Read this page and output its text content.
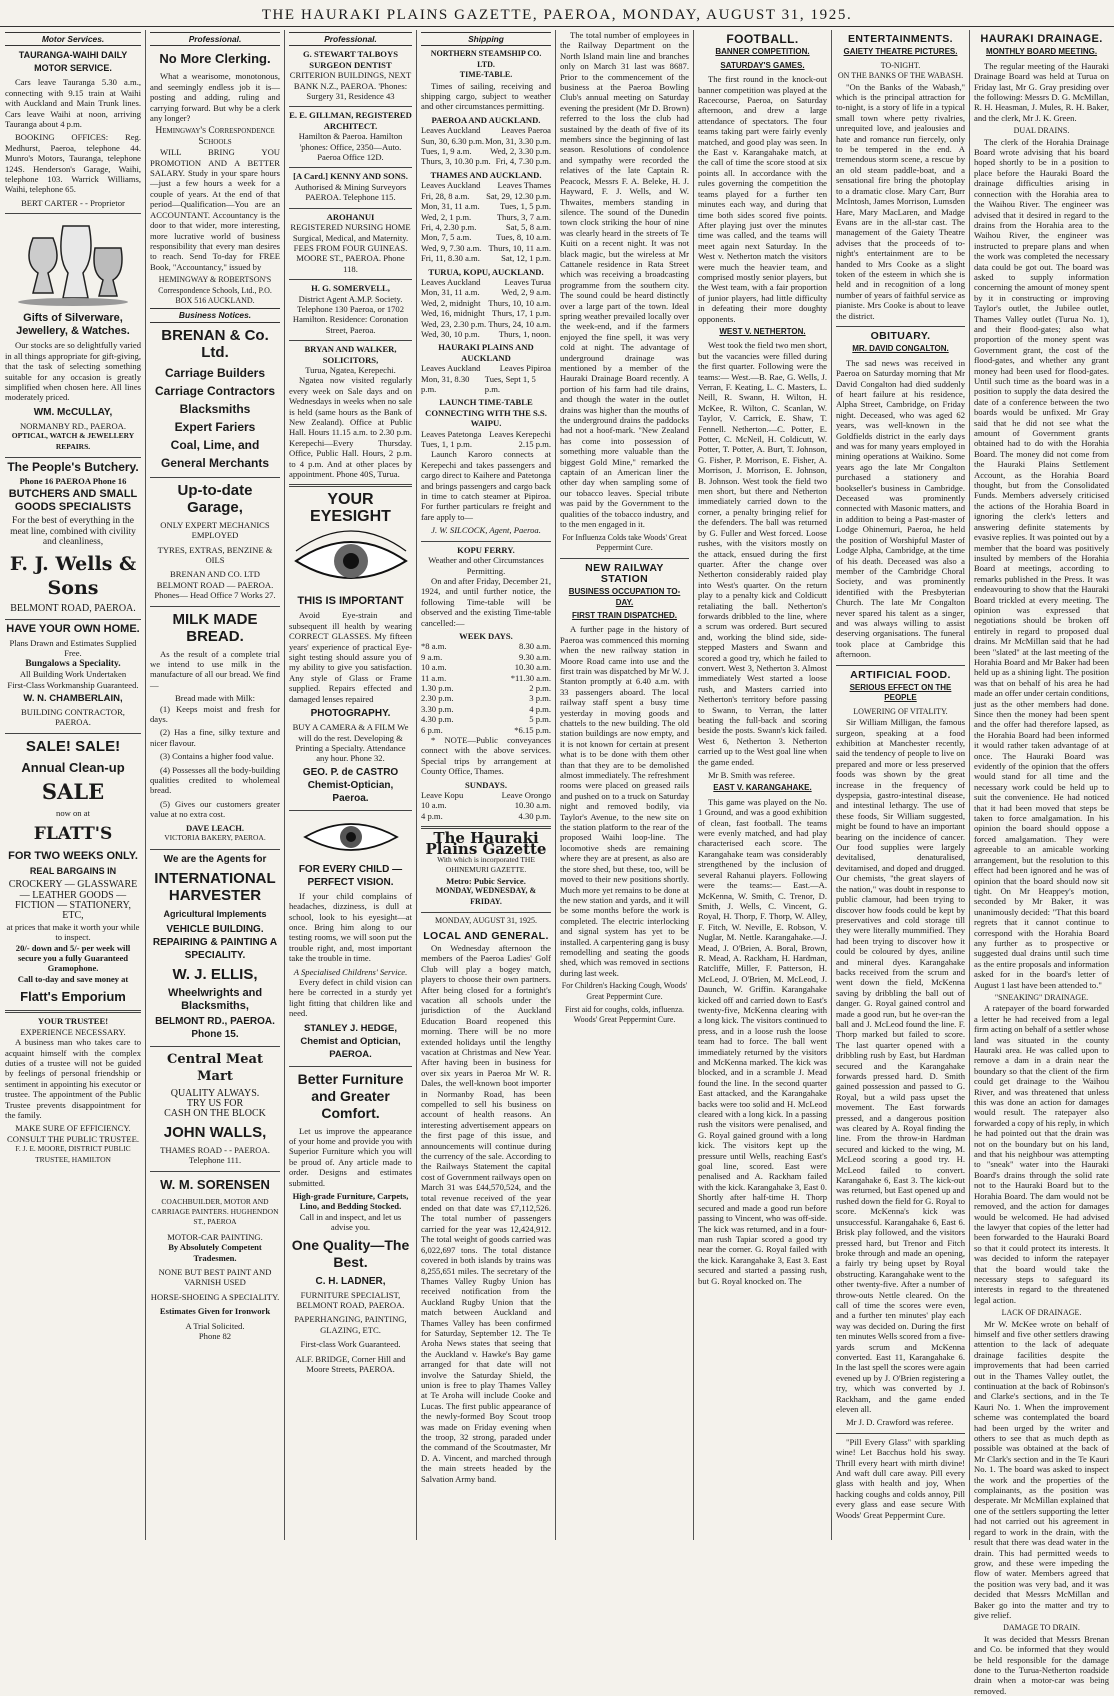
THE HAURAKI PLAINS GAZETTE, PAEROA, MONDAY, AUGUST 31, 1925.
Motor Services.
TAURANGA-WAIHI DAILY MOTOR SERVICE.

Cars leave Tauranga 5.30 a.m., connecting with 9.15 train at Waihi with Auckland and Main Trunk lines. Cars leave Waihi at noon, arriving Tauranga about 4 p.m.

BOOKING OFFICES: Reg. Medhurst, Paeroa, telephone 44. Munro's Motors, Tauranga, telephone 124S. Henderson's Garage, Waihi, telephone 103. Warrick Williams, Waihi, telephone 65.

BERT CARTER - - Proprietor
Gifts of Silverware, Jewellery, & Watches.

Our stocks are so delightfully varied in all things appropriate for gift-giving, that the task of selecting something suitable for any occasion is greatly simplified when chosen here. All lines moderately priced.

WM. McCULLAY,
NORMANBY RD., PAEROA.
OPTICAL, WATCH & JEWELLERY REPAIRS.
The People's Butchery.
Phone 16 PAEROA Phone 16
BUTCHERS AND SMALL GOODS SPECIALISTS

For the best of everything in the meat line, combined with civility and cleanliness,

F. J. Wells & Sons
BELMONT ROAD, PAEROA.
HAVE YOUR OWN HOME.
Plans Drawn and Estimates Supplied Free.
Bungalows a Speciality.
All Building Work Undertaken
First-Class Workmanship Guaranteed.
W. N. CHAMBERLAIN,
BUILDING CONTRACTOR, PAEROA.
SALE! SALE!
Annual Clean-up
SALE
now on at
FLATT'S
FOR TWO WEEKS ONLY.
REAL BARGAINS IN
CROCKERY — GLASSWARE — LEATHER GOODS — FICTION — STATIONERY, ETC,
at prices that make it worth your while to inspect.
20/- down and 5/- per week will secure you a fully Guaranteed Gramophone.
Call to-day and save money at
Flatt's Emporium
YOUR TRUSTEE!
EXPERIENCE NECESSARY.

A business man who takes care to acquaint himself with the complex duties of a trustee will not be guided by feelings of personal friendship or sentiment in appointing his executor or trustee. The appointment of the Public Trustee prevents disappointment for the family.

MAKE SURE OF EFFICIENCY.
CONSULT THE PUBLIC TRUSTEE.
F. J. E. MOORE, DISTRICT PUBLIC TRUSTEE, HAMILTON
Professional.
No More Clerking.

What a wearisome, monotonous, and seemingly endless job it is—posting and adding, ruling and carrying forward. But why be a clerk any longer?

Hemingway's Correspondence Schools

WILL BRING YOU PROMOTION AND A BETTER SALARY. Study in your spare hours—just a few hours a week for a couple of years. At the end of that period—Qualification—You are an ACCOUNTANT. Accountancy is the door to that wider, more interesting, more lucrative world of business responsibility that every man desires to reach. Send To-day for FREE Book, "Accountancy," issued by

HEMINGWAY & ROBERTSON'S Correspondence Schools, Ltd., P.O. BOX 516 AUCKLAND.
Business Notices.
BRENAN & Co. Ltd.
Carriage Builders
Carriage Contractors
Blacksmiths
Expert Fariers
Coal, Lime, and
General Merchants
Up-to-date Garage,
ONLY EXPERT MECHANICS EMPLOYED
TYRES, EXTRAS, BENZINE & OILS
BRENAN AND CO. LTD
BELMONT ROAD — PAEROA.
Phones— Head Office 7 Works 27.
MILK MADE BREAD.

As the result of a complete trial we intend to use milk in the manufacture of all our bread. We find—

Bread made with Milk:
(1) Keeps moist and fresh for days.
(2) Has a fine, silky texture and nicer flavour.
(3) Contains a higher food value.
(4) Possesses all the body-building qualities credited to wholemeal bread.
(5) Gives our customers greater value at no extra cost.
DAVE LEACH.
VICTORIA BAKERY, PAEROA.
We are the Agents for
INTERNATIONAL HARVESTER
Agricultural Implements
VEHICLE BUILDING. REPAIRING & PAINTING A SPECIALITY.
W. J. ELLIS,
Wheelwrights and Blacksmiths,
BELMONT RD., PAEROA. Phone 15.
Central Meat Mart
QUALITY ALWAYS.
TRY US FOR
CASH ON THE BLOCK
JOHN WALLS,
THAMES ROAD - - PAEROA. Telephone 111.
W. M. SORENSEN
COACHBUILDER, MOTOR AND CARRIAGE PAINTERS. HUGHENDON ST., PAEROA
MOTOR-CAR PAINTING.
By Absolutely Competent Tradesmen.
NONE BUT BEST PAINT AND VARNISH USED
HORSE-SHOEING A SPECIALITY.
Estimates Given for Ironwork
A Trial Solicited.
Phone 82
Professional.
G. STEWART TALBOYS SURGEON DENTIST
CRITERION BUILDINGS, NEXT BANK N.Z., PAEROA. 'Phones: Surgery 31, Residence 43
E. E. GILLMAN, REGISTERED ARCHITECT.
Hamilton & Paeroa. Hamilton 'phones: Office, 2350—Auto. Paeroa Office 12D.
[A Card.] KENNY AND SONS.
Authorised & Mining Surveyors PAEROA. Telephone 115.
AROHANUI
REGISTERED NURSING HOME Surgical, Medical, and Maternity. FEES FROM FOUR GUINEAS. MOORE ST., PAEROA. Phone 118.
H. G. SOMERVELL,
District Agent A.M.P. Society. Telephone 130 Paeroa, or 1702 Hamilton. Residence: Coronation Street, Paeroa.
BRYAN AND WALKER, SOLICITORS,
Turua, Ngatea, Kerepechi.

Ngatea now visited regularly every week on Sale days and on Wednesdays in weeks when no sale is held (same hours as the Bank of New Zealand). Office at Public Hall. Hours 11.15 a.m. to 2.30 p.m. Kerepechi—Every Thursday. Office, Public Hall. Hours, 2 p.m. to 4 p.m. And at other places by appointment. Phone 40S, Turua.

YOUR EYESIGHT
THIS IS IMPORTANT

Avoid Eye-strain and subsequent ill health by wearing CORRECT GLASSES. My fifteen years' experience of practical Eye-sight testing should assure you of my ability to give you satisfaction. Any style of Glass or Frame supplied. Repairs effected and damaged lenses repaired

PHOTOGRAPHY.
BUY A CAMERA & A FILM We will do the rest. Developing & Printing a Specialty. Attendance any hour. Phone 32.
GEO. P. de CASTRO Chemist-Optician, Paeroa.
FOR EVERY CHILD —PERFECT VISION.

If your child complains of headaches, dizziness, is dull at school, look to his eyesight—at once. Bring him along to our testing rooms, we will soon put the trouble right, and, most important take the trouble in time.

A Specialised Childrens' Service.

Every defect in child vision can here be corrected in a sturdy yet light fitting that children like and need.

STANLEY J. HEDGE, Chemist and Optician, PAEROA.
Better Furniture and Greater Comfort.

Let us improve the appearance of your home and provide you with Superior Furniture which you will be proud of. Any article made to order. Designs and estimates submitted.

High-grade Furniture, Carpets, Lino, and Bedding Stocked.
Call in and inspect, and let us advise you.
One Quality—The Best.
C. H. LADNER,
FURNITURE SPECIALIST, BELMONT ROAD, PAEROA.
PAPERHANGING, PAINTING, GLAZING, ETC.
First-class Work Guaranteed.
ALF. BRIDGE, Corner Hill and Moore Streets, PAEROA.
Shipping
NORTHERN STEAMSHIP CO. LTD.
TIME-TABLE.

Times of sailing, receiving and shipping cargo, subject to weather and other circumstances permitting.

PAEROA AND AUCKLAND.
Leaves Auckland Leaves Paeroa
Sun, 30, 6.30 p.m. Mon, 31, 3.30 p.m.
Tues, 1, 9 a.m. Wed, 2, 3.30 p.m.
Thurs, 3, 10.30 p.m. Fri, 4, 7.30 p.m.
THAMES AND AUCKLAND.
Leaves Auckland Leaves Thames
Fri, 28, 8 a.m. Sat, 29, 12.30 p.m.
Mon, 31, 11 a.m. Tues, 1, 5 p.m.
Wed, 2, 1 p.m.	Thurs, 3, 7 a.m.
Fri, 4, 2.30 p.m.	Sat, 5, 8 a.m.
Mon, 7, 5 a.m.	Tues, 8, 10 a.m.
Wed, 9, 7.30 a.m. Thurs, 10, 11 a.m.
Fri, 11, 8.30 a.m. Sat, 12, 1 p.m.
TURUA, KOPU, AUCKLAND.
Leaves Auckland	Leaves Turua
Mon, 31, 11 a.m.	Wed, 2, 9 a.m.
Wed, 2, midnight Thurs, 10, 10 a.m.
Wed, 16, midnight Thurs, 17, 1 p.m.
Wed, 23, 2.30 p.m. Thurs, 24, 10 a.m.
Wed, 30, 10 p.m. Thurs, 1, noon.
HAURAKI PLAINS AND AUCKLAND
Leaves Auckland Leaves Pipiroa
Mon, 31, 8.30 p.m.
Tues, Sept 1, 5 p.m.
LAUNCH TIME-TABLE CONNECTING WITH THE S.S. WAIPU.
Leaves Patetonga Leaves Kerepechi
Tues, 1, 1 p.m.	2.15 p.m.

Launch Karoro connects at Kerepechi and takes passengers and cargo direct to Kaihere and Patetonga and brings passengers and cargo back in time to catch steamer at Pipiroa. For further particulars re freight and fare apply to—

J. W. SILCOCK, Agent, Paeroa.
KOPU FERRY.
Weather and other Circumstances Permitting.

On and after Friday, December 21, 1924, and until further notice, the following Time-table will be observed and the existing Time-table cancelled:—

WEEK DAYS.
*8 a.m.	8.30 a.m.
9 a.m.	9.30 a.m.
10 a.m.	10.30 a.m.
11 a.m.	*11.30 a.m.
1.30 p.m.	2 p.m.
2.30 p.m.	3 p.m.
3.30 p.m.	4 p.m.
4.30 p.m.	5 p.m.
6 p.m.	*6.15 p.m.

* NOTE—Public conveyances connect with the above services. Special trips by arrangement at County Office, Thames.

SUNDAYS.
Leave Kopu	Leave Orongo
10 a.m.	10.30 a.m.
4 p.m.	4.30 p.m.
The Hauraki Plains Gazette
With which is incorporated THE OHINEMURI GAZETTE.
Metro: Pubic Service.
MONDAY, WEDNESDAY, & FRIDAY.
MONDAY, AUGUST 31, 1925.
LOCAL AND GENERAL.

On Wednesday afternoon the members of the Paeroa Ladies' Golf Club will play a bogey match, players to choose their own partners. After being closed for a fortnight's vacation all schools under the jurisdiction of the Auckland Education Board reopened this morning. There will be no more extended holidays until the lengthy vacation at Christmas and New Year. After having been in business for over six years in Paeroa Mr W. R. Dales, the well-known boot importer in Normanby Road, has been compelled to sell his business on account of health reasons. An interesting advertisement appears on the first page of this issue, and announcements will continue during the currency of the sale. According to the Railways Statement the capital cost of Government railways open on March 31 was £44,570,524, and the total revenue received of the year ended on that date was £7,112,526. The total number of passengers carried for the year was 12,424,912. The total weight of goods carried was 6,022,697 tons. The total distance covered in both islands by trains was 8,255,651 miles. The secretary of the Thames Valley Rugby Union has received notification from the Auckland Rugby Union that the match between Auckland and Thames Valley has been confirmed for Saturday, September 12. The Te Aroha News states that seeing that the Auckland v. Hawke's Bay game arranged for that date will not involve the Saturday Shield, the union is free to play Thames Valley at Te Aroha will include Cooke and Lucas. The first public appearance of the newly-formed Boy Scout troop was made on Friday evening when the troop, 32 strong, paraded under the command of the Scoutmaster, Mr D. A. Vincent, and marched through the main streets headed by the Salvation Army band.

The total number of employees in the Railway Department on the North Island main line and branches only on March 31 last was 8687. Prior to the commencement of the business at the Paeroa Bowling Club's annual meeting on Saturday evening the president (Mr D. Brown) referred to the loss the club had sustained by the death of five of its members since the beginning of last season. Resolutions of condolence and sympathy were recorded the relatives of the late Captain R. Peacock, Messrs F. A. Beleke, H. J. Hayward, F. J. Wells, and W. Thwaites, members standing in silence. The sound of the Dunedin town clock striking the hour of nine was clearly heard in the streets of Te Kuiti on a recent night. It was not black magic, but the wireless at Mr Cattanele residence in Rata Street which was receiving a broadcasting programme from the southern city. The sound could be heard distinctly over a large part of the town. Ideal spring weather prevailed locally over the week-end, and if the farmers enjoyed the fine spell, it was very cold at night. The advantage of underground drainage was mentioned by a member of the Hauraki Drainage Board recently. A portion of his farm had tile drains, and though the water in the outlet drains was higher than the mouths of the underground drains the paddocks had not a hoof-mark. "New Zealand has come into possession of something more valuable than the biggest Gold Mine," remarked the captain of an American liner the other day when sampling some of our tobacco leaves. Special tribute was paid by the Government to the qualities of the tobacco industry, and to the men engaged in it.

For Influenza Colds take Woods' Great Peppermint Cure.
NEW RAILWAY STATION
BUSINESS OCCUPATION TO-DAY.
FIRST TRAIN DISPATCHED.

A further page in the history of Paeroa was commenced this morning when the new railway station in Moore Road came into use and the first train was dispatched by Mr W. J. Stanton promptly at 6.40 a.m. with 33 passengers aboard. The local railway staff spent a busy time yesterday in moving goods and chattels to the new building. The old station buildings are now empty, and it is not known for certain at present what is to be done with them other than that they are to be demolished almost immediately. The refreshment rooms were placed on greased rails and pushed on to a truck on Saturday night and removed bodily, via Taylor's Avenue, to the new site on the station platform to the rear of the proposed Waihi loop-line. The locomotive sheds are remaining where they are at present, as also are the store shed, but these, too, will be moved to their new positions shortly. Much more yet remains to be done at the new station and yards, and it will be some months before the work is completed. The electric interlocking and signal system has yet to be installed. A carpentering gang is busy remodelling and seating the goods shed, which was removed in sections during last week.

For Children's Hacking Cough, Woods' Great Peppermint Cure.
First aid for coughs, colds, influenza. Woods' Great Peppermint Cure.
FOOTBALL.
BANNER COMPETITION.
SATURDAY'S GAMES.

The first round in the knock-out banner competition was played at the Racecourse, Paeroa, on Saturday afternoon, and drew a large attendance of spectators. The four teams taking part were fairly evenly matched, and good play was seen. In the East v. Karangahake match, at the call of time the score stood at six points all. In accordance with the rules governing the competition the teams played for a further ten minutes each way, and during that time both sides scored five points. After playing just over the minutes time was called, and the teams will meet again next Saturday. In the West v. Netherton match the visitors were much the heavier team, and comprised mostly senior players, but the West team, with a fair proportion of junior players, had little difficulty in defeating their more doughty opponents.

WEST V. NETHERTON.

West took the field two men short, but the vacancies were filled during the first quarter. Following were the teams:— West.—B. Rae, G. Wells, J. Verran, F. Keating, L. C. Masters, L. Neill, R. Swann, H. Wilton, H. McKee, R. Wilton, C. Scanlan, W. Taylor, V. Carrick, E. Shaw, T. Fennell. Netherton.—C. Potter, E. Potter, C. McNeil, H. Coldicutt, W. Potter, T. Potter, A. Burt, T. Johnson, G. Fisher, P. Morrison, E. Fisher, A. Morrison, J. Morrison, E. Johnson, B. Johnson. West took the field two men short, but there and Netherton immediately carried down to the corner, a penalty bringing relief for the defenders. The ball was returned by G. Fuller and West forced. Loose rushes, with the visitors mostly on the attack, ensued during the first quarter. After the change over Netherton considerably raided play into West's quarter. On the return play to a penalty kick and Coldicutt retaliating the ball. Netherton's forwards dribbled to the line, where a scrum was ordered. Burt secured and, working the blind side, side-stepped Masters and Swann and scored a good try, which he failed to convert. West 3, Netherton 3. Almost immediately West started a loose rush, and Masters carried into Netherton's territory before passing to Swann, to Verran, the latter beating the full-back and scoring beside the posts. Swann's kick failed. West 6, Netherton 3. Netherton carried up to the West goal line when the game ended.

Mr B. Smith was referee.

EAST V. KARANGAHAKE.

This game was played on the No. 1 Ground, and was a good exhibition of clean, fast football. The teams were evenly matched, and had play characterised each score. The Karangahake team was considerably strengthened by the inclusion of several Rahanui players. Following were the teams:— East.—A. McKenna, W. Smith, C. Trenor, D. Smith, J. Wells, C. Vincent, G. Royal, H. Thorp, F. Thorp, W. Alley, F. Fitch, W. Neville, E. Robson, V. Nuglar, M. Nettle. Karangahake.—J. Mead, J. O'Brien, A. Boral, Brown, R. Mead, A. Rackham, H. Hardman, Ratcliffe, Miller, F. Patterson, H. McLeod, J. O'Brien, M. McLeod, J. Daunch, W. Griffin. Karangahake kicked off and carried down to East's twenty-five, McKenna clearing with a long kick. The visitors continued to press, and in a loose rush the loose team had to force. The ball went immediately returned by the visitors and McKenna marked. The kick was blocked, and in a scramble J. Mead found the line. In the second quarter East attacked, and the Karangahake backs were too solid and H. McLeod cleared with a long kick. In a passing rush the visitors were penalised, and G. Royal gained ground with a long kick. The visitors kept up the pressure until Wells, reaching East's goal line, scored. East were penalised and A. Rackham failed with the kick. Karangahake 3, East 0. Shortly after half-time H. Thorp secured and made a good run before passing to Vincent, who was off-side. The kick was returned, and in a four-man rush Tapiar scored a good try near the corner. G. Royal failed with the kick. Karangahake 3, East 3. East secured and started a passing rush, but G. Royal knocked on. The

ENTERTAINMENTS.
GAIETY THEATRE PICTURES.
TO-NIGHT.
ON THE BANKS OF THE WABASH.

"On the Banks of the Wabash," which is the principal attraction for to-night, is a story of life in a typical small town where petty rivalries, unrequited love, and jealousies and hate and romance run fiercely, only to be tempered in the end. A tremendous storm scene, a rescue by an old steam paddle-boat, and a sensational fire bring the photoplay to a dramatic close. Mary Carr, Burr McIntosh, James Morrison, Lumsden Hare, Mary MacLaren, and Madge Evans are in the all-star cast. The management of the Gaiety Theatre advises that the proceeds of to-night's entertainment are to be handed to Mrs Cooke as a slight token of the esteem in which she is held and in recognition of a long number of years of faithful service as pianiste. Mrs Cooke is about to leave the district.

OBITUARY.
MR. DAVID CONGALTON.

The sad news was received in Paeroa on Saturday morning that Mr David Congalton had died suddenly of heart failure at his residence, Alpha Street, Cambridge, on Friday night. Deceased, who was aged 62 years, was well-known in the Goldfields district in the early days and was for many years employed in mining operations at Waikino. Some years ago the late Mr Congalton purchased a stationery and bookseller's business in Cambridge. Deceased was prominently connected with Masonic matters, and in addition to being a Past-master of Lodge Ohinemuri, Paeroa, he held the position of Worshipful Master of Lodge Alpha, Cambridge, at the time of his death. Deceased was also a member of the Cambridge Choral Society, and was prominently identified with the Presbyterian Church. The late Mr Congalton never spared his talent as a singer, and was always willing to assist deserving organisations. The funeral took place at Cambridge this afternoon.

ARTIFICIAL FOOD.
SERIOUS EFFECT ON THE PEOPLE
LOWERING OF VITALITY.

Sir William Milligan, the famous surgeon, speaking at a food exhibition at Manchester recently, said the tendency of people to live on prepared and more or less preserved foods was shown by the great increase in the frequency of dyspepsia, gastro-intestinal disease, and intestinal lethargy. The use of these foods, Sir William suggested, might be found to have an important bearing on the incidence of cancer. Our food supplies were largely devitalised, denaturalised, devitamised, and doped and drugged. Our chemists, "the great slayers of the nation," was doubt in response to public clamour, had been trying to discover how foods could be kept by preservatives and cold storage till they were literally mummified. They had been trying to discover how it could be coloured by dyes, aniline and mineral dyes. Karangahake backs received from the scrum and went down the field, McKenna saving by dribbling the ball out of danger. G. Royal gained control and made a good run, but he over-ran the ball and J. McLeod found the line. F. Thorp marked but failed to score. The last quarter opened with a dribbling rush by East, but Hardman secured and the Karangahake forwards pressed hard. D. Smith gained possession and passed to G. Royal, but a wild pass upset the movement. The East forwards pressed, and a dangerous position was cleared by A. Royal finding the line. From the throw-in Hardman secured and kicked to the wing, M. McLeod scoring a good try. H. McLeod failed to convert. Karangahake 6, East 3. The kick-out was returned, but East opened up and rushed down the field for G. Royal to score. McKenna's kick was unsuccessful. Karangahake 6, East 6. Brisk play followed, and the visitors pressed hard, but Trenor and Fitch broke through and made an opening, a fairly try being upset by Royal obstructing. Karangahake went to the other twenty-five. After a number of throw-outs Nettle cleared. On the call of time the scores were even, and a further ten minutes' play each way was decided on. During the first ten minutes Wells scored from a five-yards scrum and McKenna converted. East 11, Karangahake 6. In the last spell the scores were again evened up by J. O'Brien registering a try, which was converted by J. Rackham, and the game ended eleven all.

Mr J. D. Crawford was referee.

"Pill Every Glass" with sparkling wine! Let Bacchus hold his sway. Thrill every heart with mirth divine! And waft dull care away. Pill every glass with health and joy, When hacking coughs and colds annoy, Pill every glass and ease secure With Woods' Great Peppermint Cure.

HAURAKI DRAINAGE.
MONTHLY BOARD MEETING.

The regular meeting of the Hauraki Drainage Board was held at Turua on Friday last, Mr G. Gray presiding over the following: Messrs D. G. McMillan, R. H. Heasman, J. Mules, R. H. Baker, and the clerk, Mr J. K. Green.

DUAL DRAINS.

The clerk of the Horahia Drainage Board wrote advising that his board hoped shortly to be in a position to place before the Hauraki Board the drainage difficulties arising in connection with the Horahia area to the Waihou River. The engineer was advised that it desired in regard to the drains from the Horahia area to the Waihou River, the engineer was instructed to prepare plans and when the work was completed the necessary data could be got out. The board was asked to supply information concerning the amount of money spent by it in constructing or improving Taylor's outlet, the Jubilee outlet, Thames Valley outlet (Turua No. 1), and their flood-gates; also what proportion of the money spent was Government grant, the cost of the flood-gates, and whether any grant money had been used for flood-gates. Until such time as the board was in a position to supply the data desired the date of a conference between the two boards would be unfixed. Mr Gray said that he did not see what the amount of Government grants obtained had to do with the Horahia Board. The money did not come from the Hauraki Plains Settlement Account, as the Horahia Board thought, but from the Consolidated Funds. Members adversely criticised the actions of the Horahia Board in ignoring the clerk's letters and answering definite statements by evasive replies. It was pointed out by a member that the board was positively insulted by members of the Horahia Board at meetings, according to remarks published in the Press. It was endeavouring to show that the Hauraki Board trickled at every meeting. The opinion was expressed that negotiations should be broken off entirely in regard to proposed dual drains. Mr McMillan said that he had been "slated" at the last meeting of the Horahia Board and Mr Baker had been held up as a shining light. The position was that on behalf of his area he had made an offer under certain conditions, just as the other members had done. Since then the money had been spent and the offer had therefore lapsed, as the Horahia Board had been informed it would rather taken advantage of at once. The Hauraki Board was evidently of the opinion that the offers would stand for all time and the necessary work could be held up to suit the convenience. He had noticed that it had been moved that steps be taken to force amalgamation. In his opinion the board should oppose a forced amalgamation. They were agreeable to an amicable working arrangement, but the resolution to this effect had been ignored and he was of opinion that the board should now sit tight. On Mr Heappey's motion, seconded by Mr Baker, it was unanimously decided: "That this board regrets that it cannot continue to correspond with the Horahia Board any further as to prospective or suggested dual drains until such time as the entire proposals and information asked for in the board's letter of August 1 last have been attended to."

"SNEAKING" DRAINAGE.

A ratepayer of the board forwarded a letter he had received from a legal firm acting on behalf of a settler whose land was situated in the county Hauraki area. He was called upon to remove a dam in a drain near the boundary so that the client of the firm could get drainage to the Waihou River, and was threatened that unless this was done an action for damages would result. The ratepayer also forwarded a copy of his reply, in which he had pointed out that the drain was not on the boundary but on his land, and that his neighbour was attempting to "sneak" water into the Hauraki Board's drains through the solid rate not to the Hauraki Board but to the Horahia Board. The dam would not be removed, and the action for damages would be welcomed. He had advised the lawyer that copies of the letter had been forwarded to the Hauraki Board so that it could protect its interests. It was decided to inform the ratepayer that the board would take the necessary steps to safeguard its interests in regard to the threatened legal action.

LACK OF DRAINAGE.

Mr W. McKee wrote on behalf of himself and five other settlers drawing attention to the lack of adequate drainage facilities despite the improvements that had been carried out in the Thames Valley outlet, the continuation at the back of Robinson's and Clarke's sections, and in the Te Kauri No. 1. When the improvement scheme was contemplated the board had been urged by the writer and others to see that as much depth as possible was obtained at the back of Mr Clark's section and in the Te Kauri No. 1. The board was asked to inspect the work and the properties of the complainants, as the position was desperate. Mr McMillan explained that one of the settlers supporting the letter had not carried out his agreement in regard to work in the drain, with the result that there was dead water in the drain. This had permitted weeds to grow, and these were impeding the flow of water. Members agreed that the position was very bad, and it was decided that Messrs McMillan and Baker go into the matter and try to give relief.

DAMAGE TO DRAIN.

It was decided that Messrs Brenan and Co. be informed that they would be held responsible for the damage done to the Turua-Netherton roadside drain when a motor-car was being removed.
